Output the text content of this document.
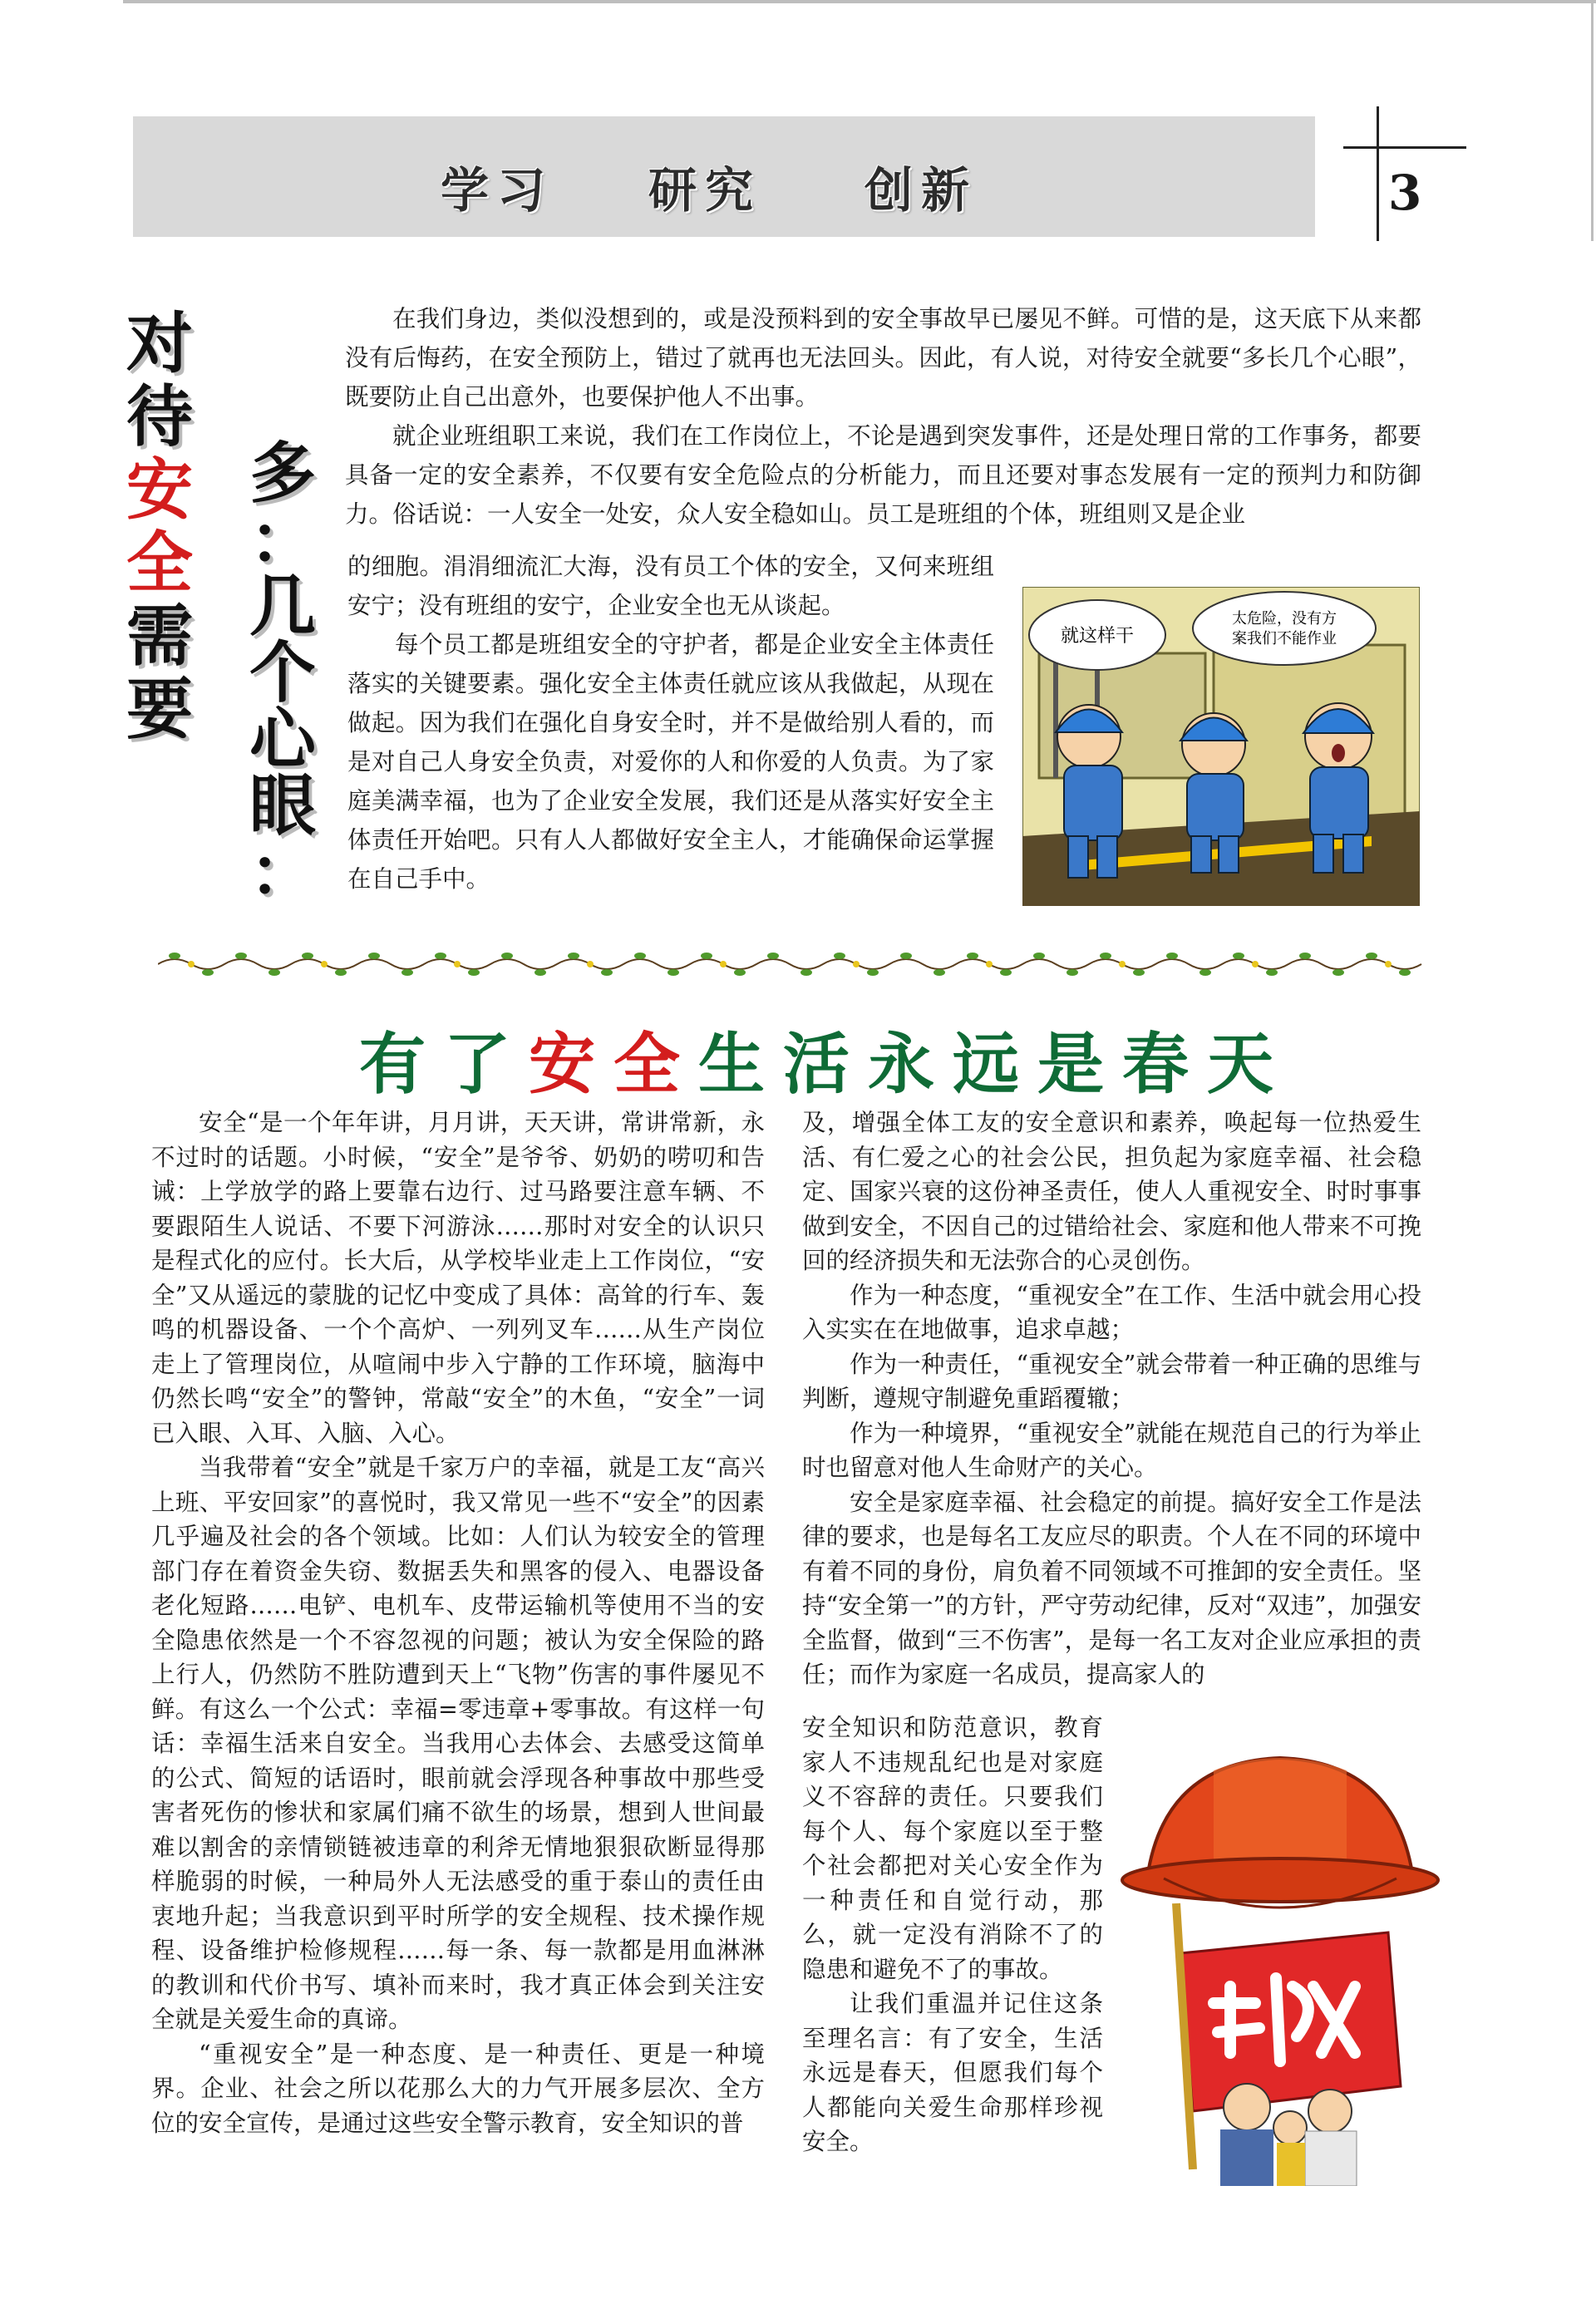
学习 研究 创新	3
对
待
安
全
需
要
多
：
几
个
心
眼
：

在我们身边，类似没想到的，或是没预料到的安全事故早已屡见不鲜。可惜的是，这天底下从来都没有后悔药，在安全预防上，错过了就再也无法回头。因此，有人说，对待安全就要“多长几个心眼”，既要防止自己出意外，也要保护他人不出事。

就企业班组职工来说，我们在工作岗位上，不论是遇到突发事件，还是处理日常的工作事务，都要具备一定的安全素养，不仅要有安全危险点的分析能力，而且还要对事态发展有一定的预判力和防御力。俗话说：一人安全一处安，众人安全稳如山。员工是班组的个体，班组则又是企业

的细胞。涓涓细流汇大海，没有员工个体的安全，又何来班组安宁；没有班组的安宁，企业安全也无从谈起。

每个员工都是班组安全的守护者，都是企业安全主体责任落实的关键要素。强化安全主体责任就应该从我做起，从现在做起。因为我们在强化自身安全时，并不是做给别人看的，而是对自己人身安全负责，对爱你的人和你爱的人负责。为了家庭美满幸福，也为了企业安全发展，我们还是从落实好安全主体责任开始吧。只有人人都做好安全主人，才能确保命运掌握在自己手中。

就这样干
太危险，没有方
案我们不能作业
有了安全生活永远是春天

安全“是一个年年讲，月月讲，天天讲，常讲常新，永不过时的话题。小时候，“安全”是爷爷、奶奶的唠叨和告诫：上学放学的路上要靠右边行、过马路要注意车辆、不要跟陌生人说话、不要下河游泳……那时对安全的认识只是程式化的应付。长大后，从学校毕业走上工作岗位，“安全”又从遥远的蒙胧的记忆中变成了具体：高耸的行车、轰鸣的机器设备、一个个高炉、一列列叉车……从生产岗位走上了管理岗位，从喧闹中步入宁静的工作环境，脑海中仍然长鸣“安全”的警钟，常敲“安全”的木鱼，“安全”一词已入眼、入耳、入脑、入心。

当我带着“安全”就是千家万户的幸福，就是工友“高兴上班、平安回家”的喜悦时，我又常见一些不“安全”的因素几乎遍及社会的各个领域。比如：人们认为较安全的管理部门存在着资金失窃、数据丢失和黑客的侵入、电器设备老化短路……电铲、电机车、皮带运输机等使用不当的安全隐患依然是一个不容忽视的问题；被认为安全保险的路上行人，仍然防不胜防遭到天上“飞物”伤害的事件屡见不鲜。有这么一个公式：幸福=零违章+零事故。有这样一句话：幸福生活来自安全。当我用心去体会、去感受这简单的公式、简短的话语时，眼前就会浮现各种事故中那些受害者死伤的惨状和家属们痛不欲生的场景，想到人世间最难以割舍的亲情锁链被违章的利斧无情地狠狠砍断显得那样脆弱的时候，一种局外人无法感受的重于泰山的责任由衷地升起；当我意识到平时所学的安全规程、技术操作规程、设备维护检修规程……每一条、每一款都是用血淋淋的教训和代价书写、填补而来时，我才真正体会到关注安全就是关爱生命的真谛。

“重视安全”是一种态度、是一种责任、更是一种境界。企业、社会之所以花那么大的力气开展多层次、全方位的安全宣传，是通过这些安全警示教育，安全知识的普

及，增强全体工友的安全意识和素养，唤起每一位热爱生活、有仁爱之心的社会公民，担负起为家庭幸福、社会稳定、国家兴衰的这份神圣责任，使人人重视安全、时时事事做到安全，不因自己的过错给社会、家庭和他人带来不可挽回的经济损失和无法弥合的心灵创伤。

作为一种态度，“重视安全”在工作、生活中就会用心投入实实在在地做事，追求卓越；

作为一种责任，“重视安全”就会带着一种正确的思维与判断，遵规守制避免重蹈覆辙；

作为一种境界，“重视安全”就能在规范自己的行为举止时也留意对他人生命财产的关心。

安全是家庭幸福、社会稳定的前提。搞好安全工作是法律的要求，也是每名工友应尽的职责。个人在不同的环境中有着不同的身份，肩负着不同领域不可推卸的安全责任。坚持“安全第一”的方针，严守劳动纪律，反对“双违”，加强安全监督，做到“三不伤害”，是每一名工友对企业应承担的责任；而作为家庭一名成员，提高家人的

安全知识和防范意识，教育家人不违规乱纪也是对家庭义不容辞的责任。只要我们每个人、每个家庭以至于整个社会都把对关心安全作为一种责任和自觉行动，那么，就一定没有消除不了的隐患和避免不了的事故。

让我们重温并记住这条至理名言：有了安全，生活永远是春天，但愿我们每个人都能向关爱生命那样珍视安全。
